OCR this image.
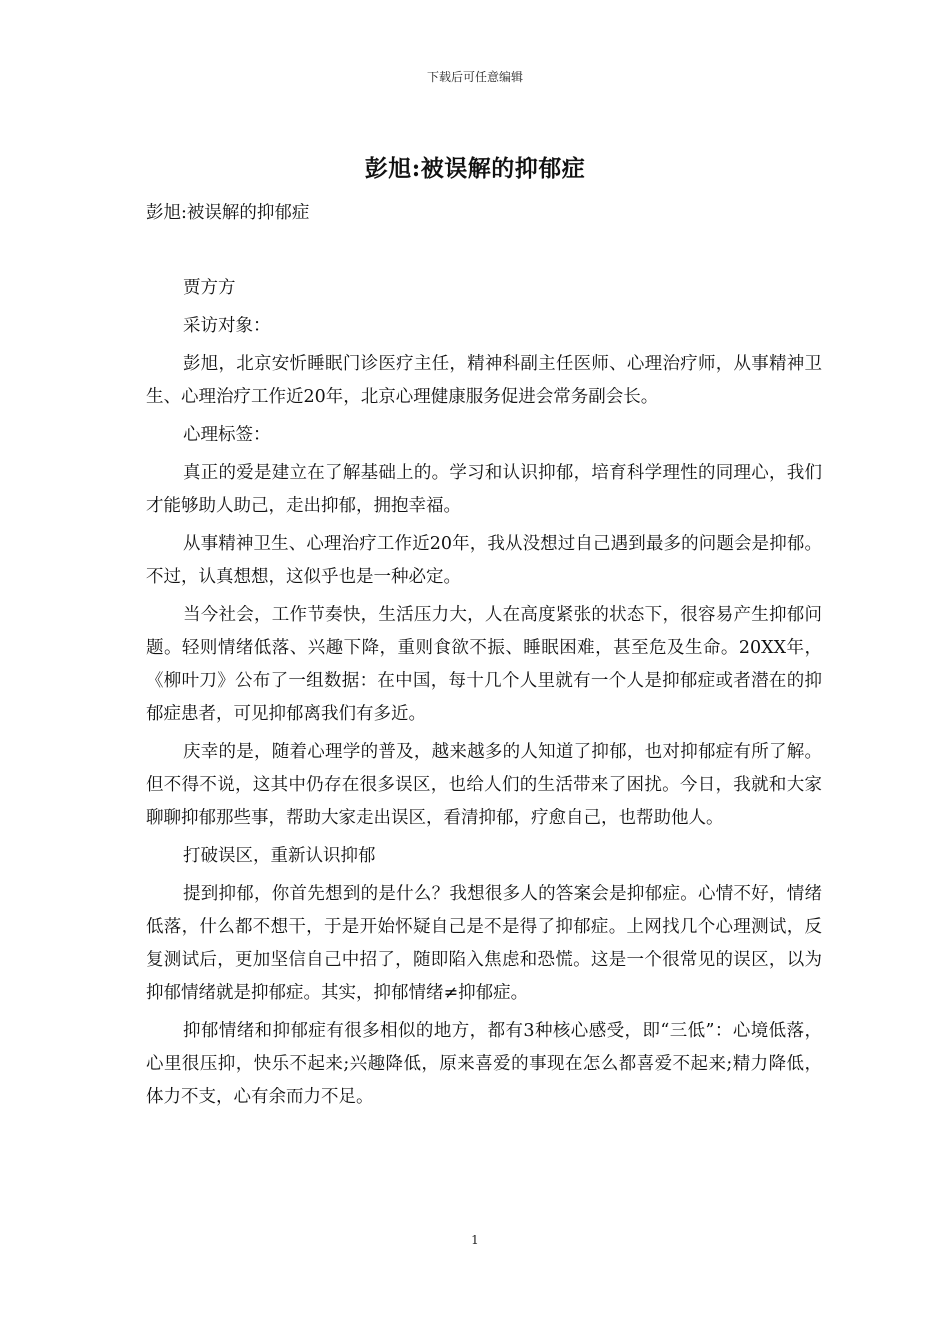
下载后可任意编辑
彭旭:被误解的抑郁症

彭旭:被误解的抑郁症

贾方方

采访对象：

彭旭，北京安忻睡眠门诊医疗主任，精神科副主任医师、心理治疗师，从事精神卫生、心理治疗工作近20年，北京心理健康服务促进会常务副会长。

心理标签：

真正的爱是建立在了解基础上的。学习和认识抑郁，培育科学理性的同理心，我们才能够助人助己，走出抑郁，拥抱幸福。

从事精神卫生、心理治疗工作近20年，我从没想过自己遇到最多的问题会是抑郁。不过，认真想想，这似乎也是一种必定。

当今社会，工作节奏快，生活压力大，人在高度紧张的状态下，很容易产生抑郁问题。轻则情绪低落、兴趣下降，重则食欲不振、睡眠困难，甚至危及生命。20XX年，《柳叶刀》公布了一组数据：在中国，每十几个人里就有一个人是抑郁症或者潜在的抑郁症患者，可见抑郁离我们有多近。

庆幸的是，随着心理学的普及，越来越多的人知道了抑郁，也对抑郁症有所了解。但不得不说，这其中仍存在很多误区，也给人们的生活带来了困扰。今日，我就和大家聊聊抑郁那些事，帮助大家走出误区，看清抑郁，疗愈自己，也帮助他人。

打破误区，重新认识抑郁

提到抑郁，你首先想到的是什么？我想很多人的答案会是抑郁症。心情不好，情绪低落，什么都不想干，于是开始怀疑自己是不是得了抑郁症。上网找几个心理测试，反复测试后，更加坚信自己中招了，随即陷入焦虑和恐慌。这是一个很常见的误区，以为抑郁情绪就是抑郁症。其实，抑郁情绪≠抑郁症。

抑郁情绪和抑郁症有很多相似的地方，都有3种核心感受，即“三低”：心境低落，心里很压抑，快乐不起来;兴趣降低，原来喜爱的事现在怎么都喜爱不起来;精力降低，体力不支，心有余而力不足。

1
